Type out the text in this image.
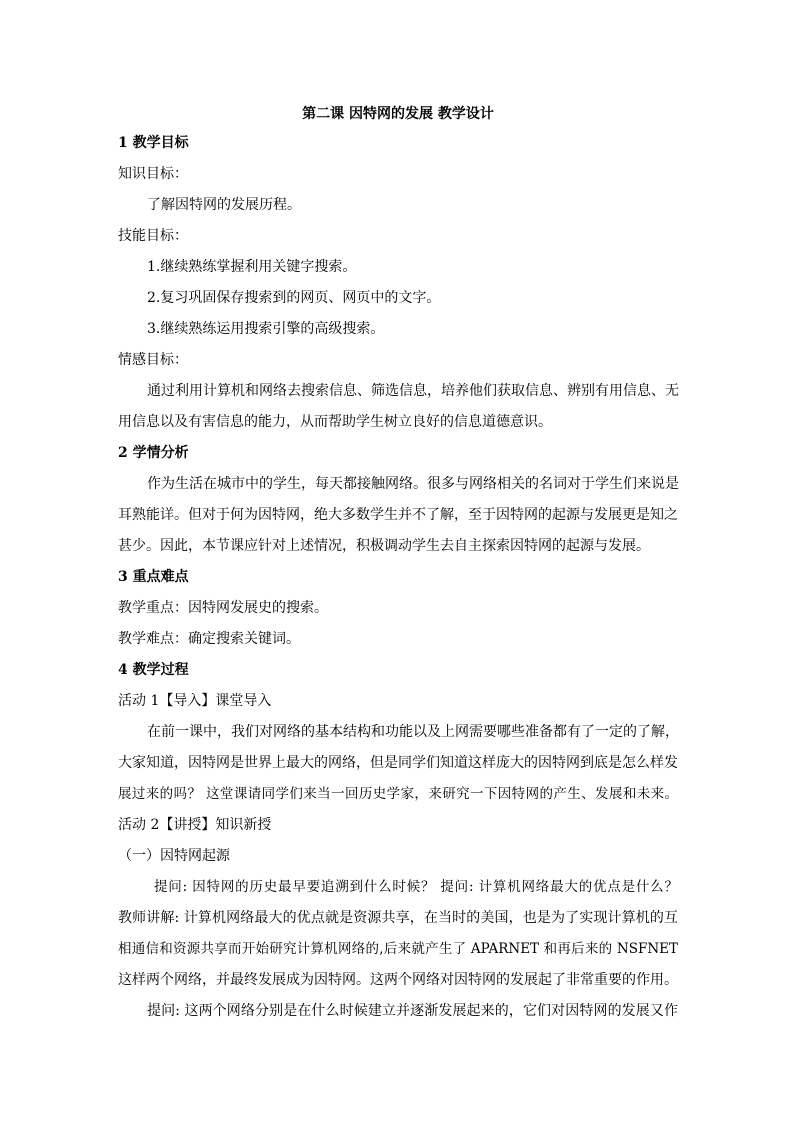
第二课 因特网的发展 教学设计

1 教学目标

知识目标：

了解因特网的发展历程。

技能目标：

1.继续熟练掌握利用关键字搜索。

2.复习巩固保存搜索到的网页、网页中的文字。

3.继续熟练运用搜索引擎的高级搜索。

情感目标：

通过利用计算机和网络去搜索信息、筛选信息，培养他们获取信息、辨别有用信息、无

用信息以及有害信息的能力，从而帮助学生树立良好的信息道德意识。

2 学情分析

作为生活在城市中的学生，每天都接触网络。很多与网络相关的名词对于学生们来说是

耳熟能详。但对于何为因特网，绝大多数学生并不了解，至于因特网的起源与发展更是知之

甚少。因此，本节课应针对上述情况，积极调动学生去自主探索因特网的起源与发展。

3 重点难点

教学重点：因特网发展史的搜索。

教学难点：确定搜索关键词。

4 教学过程

活动 1【导入】课堂导入

在前一课中，我们对网络的基本结构和功能以及上网需要哪些准备都有了一定的了解，

大家知道，因特网是世界上最大的网络，但是同学们知道这样庞大的因特网到底是怎么样发

展过来的吗？ 这堂课请同学们来当一回历史学家，来研究一下因特网的产生、发展和未来。

活动 2【讲授】知识新授

（一）因特网起源

提问: 因特网的历史最早要追溯到什么时候？ 提问: 计算机网络最大的优点是什么？

教师讲解: 计算机网络最大的优点就是资源共享，在当时的美国，也是为了实现计算机的互

相通信和资源共享而开始研究计算机网络的,后来就产生了 APARNET 和再后来的 NSFNET

这样两个网络，并最终发展成为因特网。这两个网络对因特网的发展起了非常重要的作用。

提问: 这两个网络分别是在什么时候建立并逐渐发展起来的，它们对因特网的发展又作
